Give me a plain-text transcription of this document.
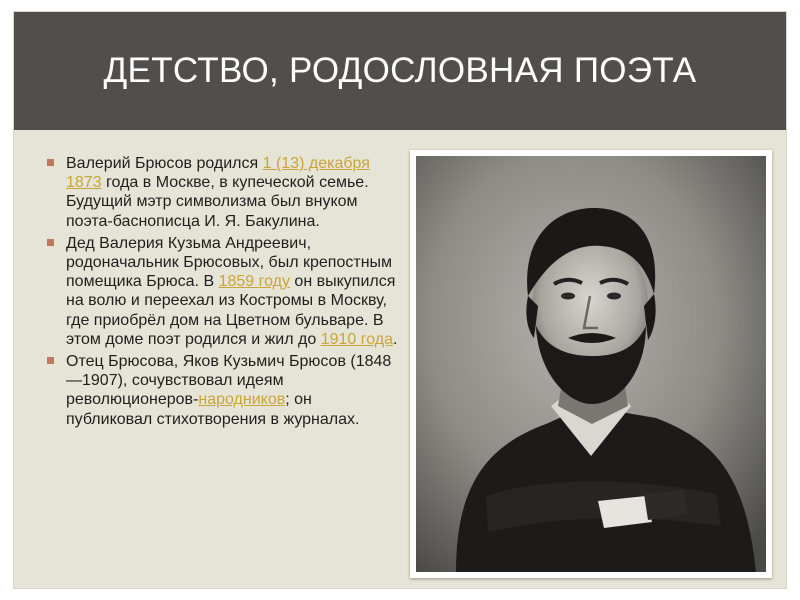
ДЕТСТВО, РОДОСЛОВНАЯ ПОЭТА
Валерий Брюсов родился 1 (13) декабря 1873 года в Москве, в купеческой семье. Будущий мэтр символизма был внуком поэта-баснописца И. Я. Бакулина.
Дед Валерия Кузьма Андреевич, родоначальник Брюсовых, был крепостным помещика Брюса. В 1859 году он выкупился на волю и переехал из Костромы в Москву, где приобрёл дом на Цветном бульваре. В этом доме поэт родился и жил до 1910 года.
Отец Брюсова, Яков Кузьмич Брюсов (1848—1907), сочувствовал идеям революционеров-народников; он публиковал стихотворения в журналах.
